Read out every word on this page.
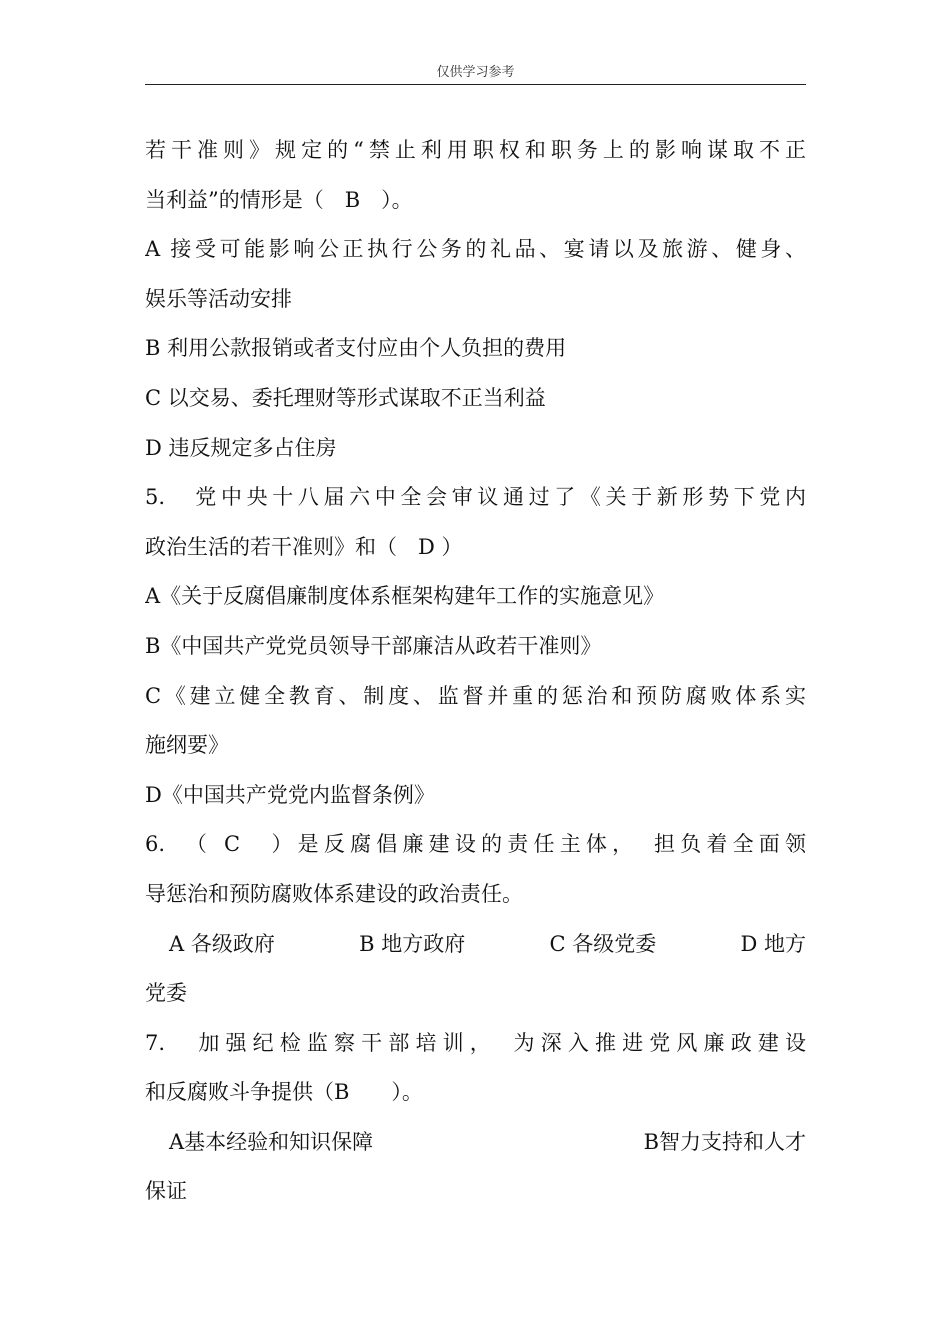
仅供学习参考
若干准则》规定的“禁止利用职权和职务上的影响谋取不正
当利益”的情形是（　B　）。
A 接受可能影响公正执行公务的礼品、宴请以及旅游、健身、
娱乐等活动安排
B 利用公款报销或者支付应由个人负担的费用
C 以交易、委托理财等形式谋取不正当利益
D 违反规定多占住房
5.　党中央十八届六中全会审议通过了《关于新形势下党内
政治生活的若干准则》和（　D ）
A《关于反腐倡廉制度体系框架构建年工作的实施意见》
B《中国共产党党员领导干部廉洁从政若干准则》
C《建立健全教育、制度、监督并重的惩治和预防腐败体系实
施纲要》
D《中国共产党党内监督条例》
6.　（ C　）是反腐倡廉建设的责任主体，　担负着全面领
导惩治和预防腐败体系建设的政治责任。
A 各级政府	B 地方政府	C 各级党委	D 地方
党委
7.　加强纪检监察干部培训，　为深入推进党风廉政建设
和反腐败斗争提供（B　　）。
A基本经验和知识保障	B智力支持和人才
保证
